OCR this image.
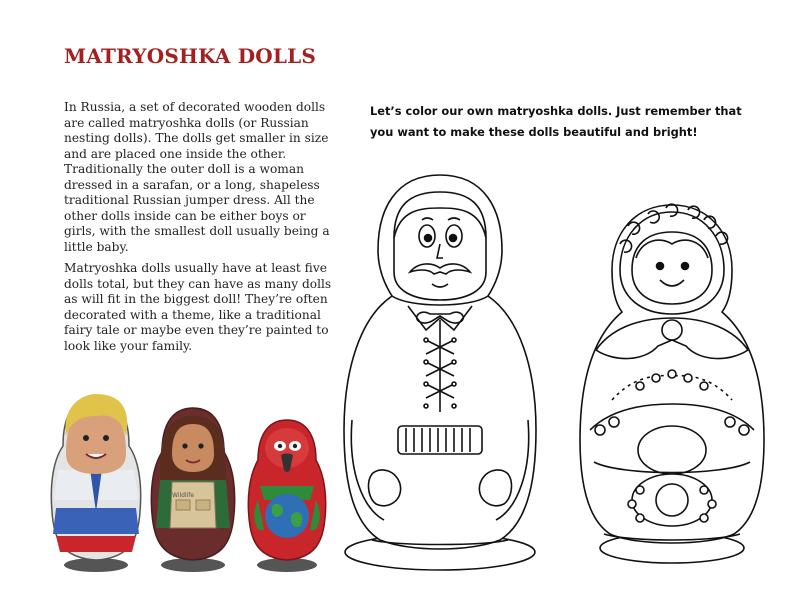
MATRYOSHKA DOLLS
In Russia, a set of decorated wooden dolls are called matryoshka dolls (or Russian nesting dolls). The dolls get smaller in size and are placed one inside the other. Traditionally the outer doll is a woman dressed in a sarafan, or a long, shapeless traditional Russian jumper dress. All the other dolls inside can be either boys or girls, with the smallest doll usually being a little baby.
Matryoshka dolls usually have at least five dolls total, but they can have as many dolls as will fit in the biggest doll! They’re often decorated with a theme, like a traditional fairy tale or maybe even they’re painted to look like your family.
Let’s color our own matryoshka dolls. Just remember that you want to make these dolls beautiful and bright!
Wildlife
